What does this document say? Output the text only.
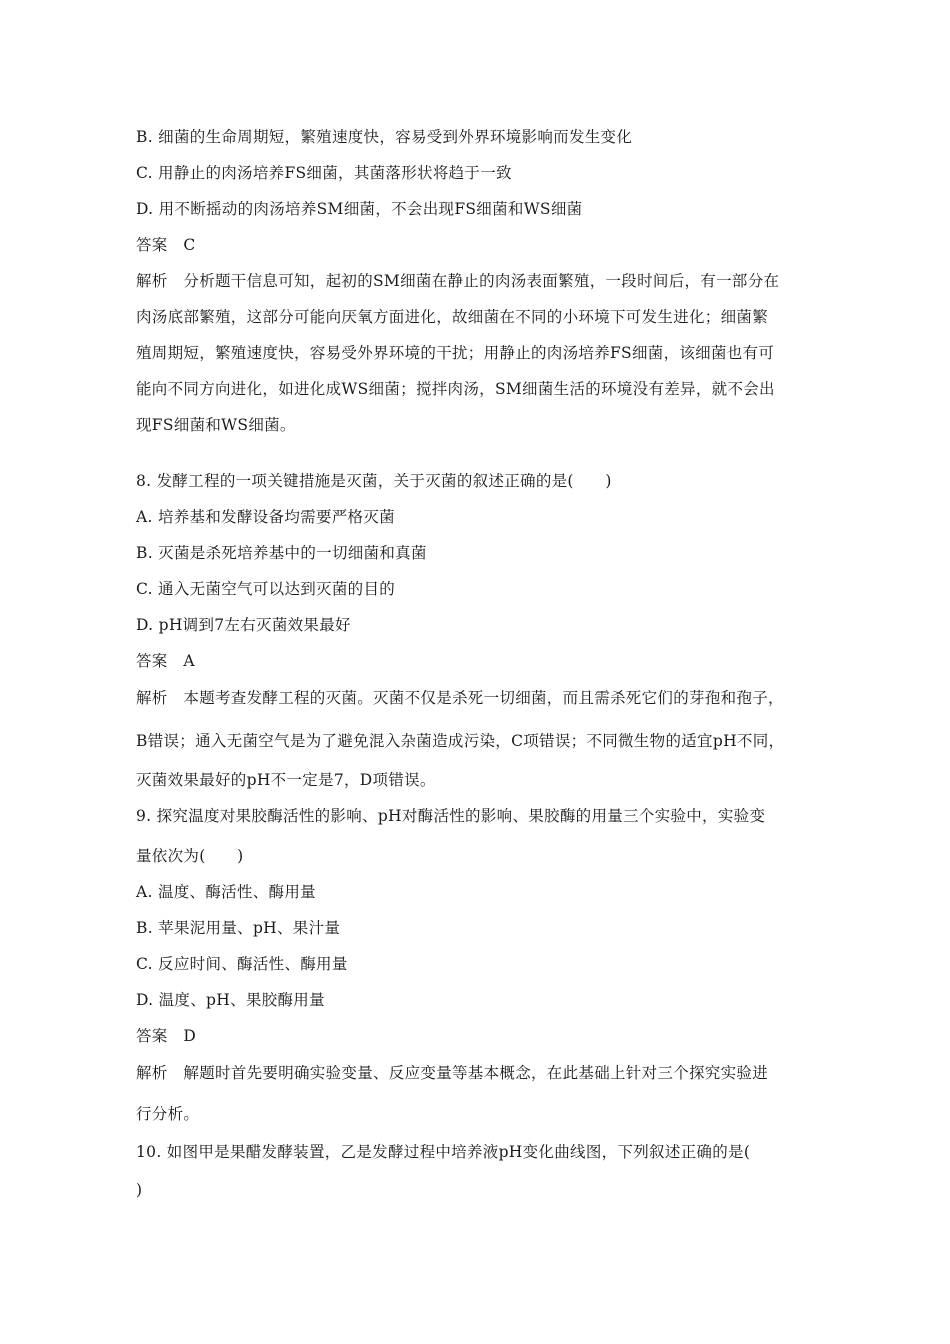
B. 细菌的生命周期短，繁殖速度快，容易受到外界环境影响而发生变化
C. 用静止的肉汤培养FS细菌，其菌落形状将趋于一致
D. 用不断摇动的肉汤培养SM细菌，不会出现FS细菌和WS细菌
答案　C
解析　分析题干信息可知，起初的SM细菌在静止的肉汤表面繁殖，一段时间后，有一部分在
肉汤底部繁殖，这部分可能向厌氧方面进化，故细菌在不同的小环境下可发生进化；细菌繁
殖周期短，繁殖速度快，容易受外界环境的干扰；用静止的肉汤培养FS细菌，该细菌也有可
能向不同方向进化，如进化成WS细菌；搅拌肉汤，SM细菌生活的环境没有差异，就不会出
现FS细菌和WS细菌。
8. 发酵工程的一项关键措施是灭菌，关于灭菌的叙述正确的是(　　)
A. 培养基和发酵设备均需要严格灭菌
B. 灭菌是杀死培养基中的一切细菌和真菌
C. 通入无菌空气可以达到灭菌的目的
D. pH调到7左右灭菌效果最好
答案　A
解析　本题考查发酵工程的灭菌。灭菌不仅是杀死一切细菌，而且需杀死它们的芽孢和孢子，
B错误；通入无菌空气是为了避免混入杂菌造成污染，C项错误；不同微生物的适宜pH不同，
灭菌效果最好的pH不一定是7，D项错误。
9. 探究温度对果胶酶活性的影响、pH对酶活性的影响、果胶酶的用量三个实验中，实验变
量依次为(　　)
A. 温度、酶活性、酶用量
B. 苹果泥用量、pH、果汁量
C. 反应时间、酶活性、酶用量
D. 温度、pH、果胶酶用量
答案　D
解析　解题时首先要明确实验变量、反应变量等基本概念，在此基础上针对三个探究实验进
行分析。
10. 如图甲是果醋发酵装置，乙是发酵过程中培养液pH变化曲线图，下列叙述正确的是(
)
